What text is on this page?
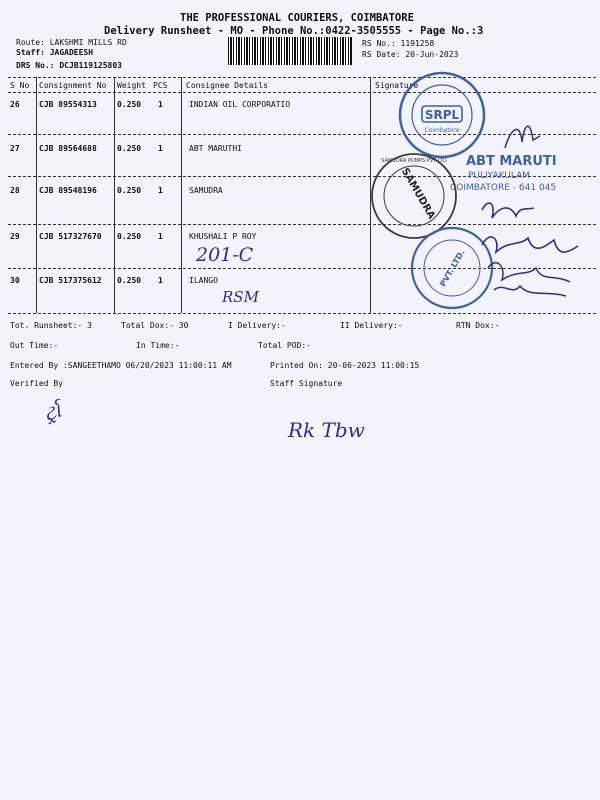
THE PROFESSIONAL COURIERS, COIMBATORE
Delivery Runsheet - MO - Phone No.:0422-3505555 - Page No.:3
Route: LAKSHMI MILLS RD
Staff: JAGADEESH
DRS No.: DCJB119125803
RS No.: 1191258
RS Date: 20-Jun-2023
S No Consignment No Weight PCS Consignee Details	Signature
26 CJB 89554313	0.250 1	INDIAN OIL CORPORATIO
27 CJB 89564688	0.250 1	ABT MARUTHI
28 CJB 89548196	0.250 1	SAMUDRA
29 CJB 517327670 0.250 1	KHUSHALI P ROY
201-C
30 CJB 517375612 0.250 1	ILANGO
RSM
SRPL
Coimbatore
ABT MARUTI
PULIYAKULAM
COIMBATORE - 641 045
SAMUDRA
SAMUDRA PUMPS PVT LTD
PVT. LTD.
Tot. Runsheet:- 3	Total Dox:- 30	I Delivery:-	II Delivery:-	RTN Dox:-
Out Time:-	In Time:-	Total POD:-
Entered By :SANGEETHAMO 06/20/2023 11:00:11 AM	Printed On: 20-06-2023 11:00:15
Verified By	Staff Signature
ર્ટ્રા
Rk Tbw
